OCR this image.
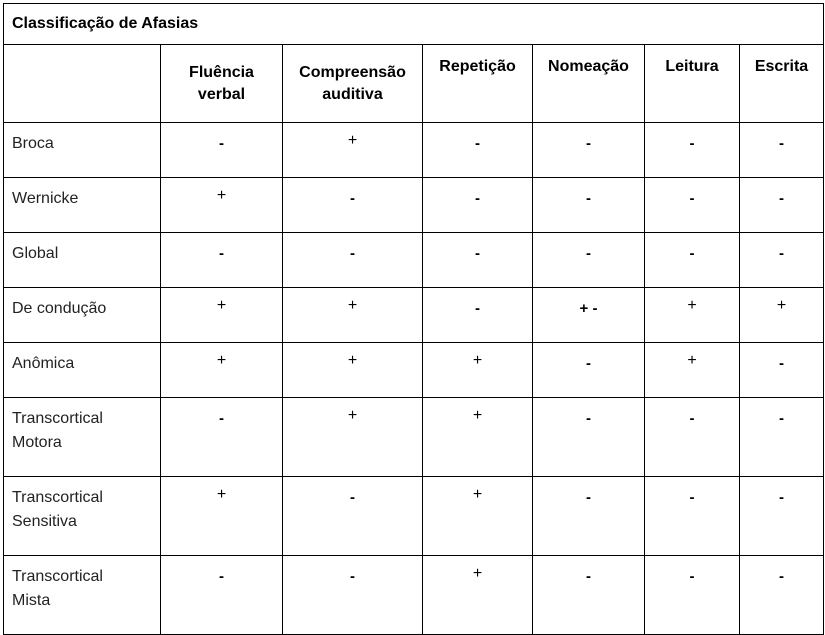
Classificação de Afasias						
	Fluência verbal	Compreensão auditiva	Repetição	Nomeação	Leitura	Escrita
Broca	-	+	-	-	-	-
Wernicke	+	-	-	-	-	-
Global	-	-	-	-	-	-
De condução	+	+	-	+ -	+	+
Anômica	+	+	+	-	+	-
Transcortical Motora	-	+	+	-	-	-
Transcortical Sensitiva	+	-	+	-	-	-
Transcortical Mista	-	-	+	-	-	-
